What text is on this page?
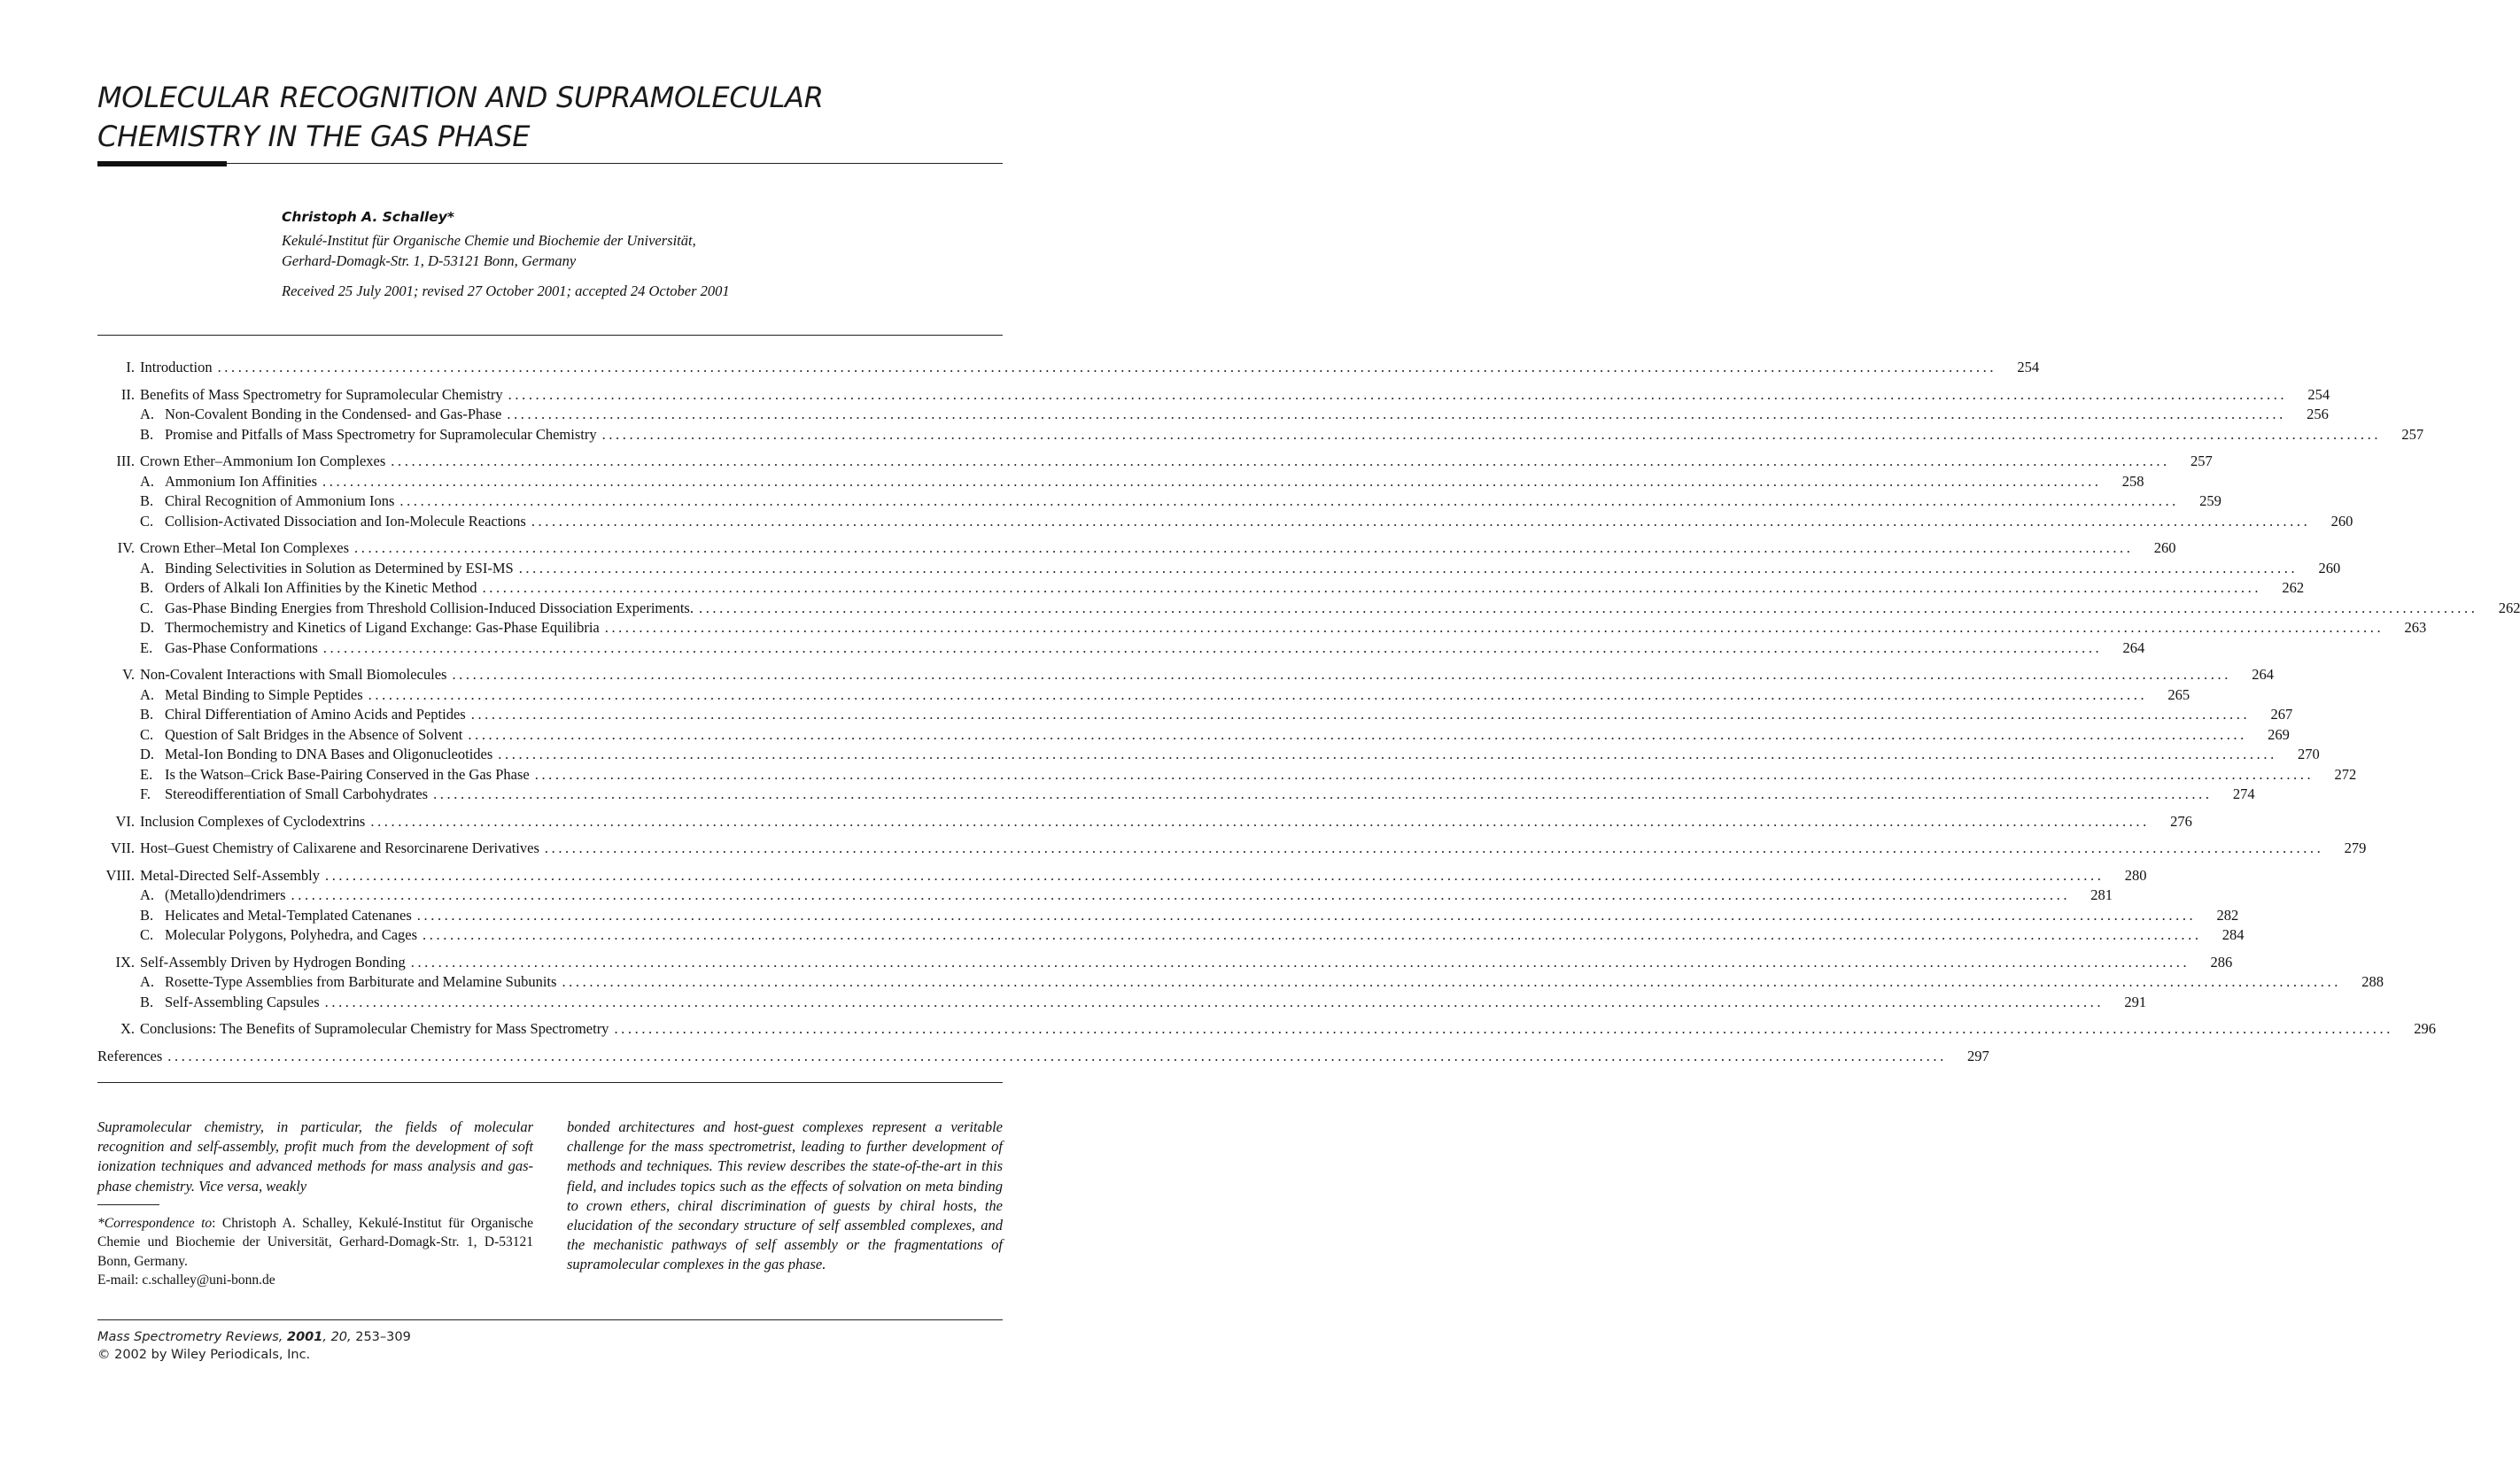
MOLECULAR RECOGNITION AND SUPRAMOLECULAR
CHEMISTRY IN THE GAS PHASE

Christoph A. Schalley*

Kekulé-Institut für Organische Chemie und Biochemie der Universität,
Gerhard-Domagk-Str. 1, D-53121 Bonn, Germany

Received 25 July 2001; revised 27 October 2001; accepted 24 October 2001

I. Introduction ....................................................................................................................................................................................................................................................................	254
II. Benefits of Mass Spectrometry for Supramolecular Chemistry ....................................................................................................................................................................................................................................................................	254
A. Non-Covalent Bonding in the Condensed- and Gas-Phase ....................................................................................................................................................................................................................................................................	256
B. Promise and Pitfalls of Mass Spectrometry for Supramolecular Chemistry ....................................................................................................................................................................................................................................................................	257
III. Crown Ether–Ammonium Ion Complexes ....................................................................................................................................................................................................................................................................	257
A. Ammonium Ion Affinities ....................................................................................................................................................................................................................................................................	258
B. Chiral Recognition of Ammonium Ions ....................................................................................................................................................................................................................................................................	259
C. Collision-Activated Dissociation and Ion-Molecule Reactions ....................................................................................................................................................................................................................................................................	260
IV. Crown Ether–Metal Ion Complexes ....................................................................................................................................................................................................................................................................	260
A. Binding Selectivities in Solution as Determined by ESI-MS ....................................................................................................................................................................................................................................................................	260
B. Orders of Alkali Ion Affinities by the Kinetic Method ....................................................................................................................................................................................................................................................................	262
C. Gas-Phase Binding Energies from Threshold Collision-Induced Dissociation Experiments. ....................................................................................................................................................................................................................................................................	262
D. Thermochemistry and Kinetics of Ligand Exchange: Gas-Phase Equilibria ....................................................................................................................................................................................................................................................................	263
E. Gas-Phase Conformations ....................................................................................................................................................................................................................................................................	264
V. Non-Covalent Interactions with Small Biomolecules ....................................................................................................................................................................................................................................................................	264
A. Metal Binding to Simple Peptides ....................................................................................................................................................................................................................................................................	265
B. Chiral Differentiation of Amino Acids and Peptides ....................................................................................................................................................................................................................................................................	267
C. Question of Salt Bridges in the Absence of Solvent ....................................................................................................................................................................................................................................................................	269
D. Metal-Ion Bonding to DNA Bases and Oligonucleotides ....................................................................................................................................................................................................................................................................	270
E. Is the Watson–Crick Base-Pairing Conserved in the Gas Phase ....................................................................................................................................................................................................................................................................	272
F. Stereodifferentiation of Small Carbohydrates ....................................................................................................................................................................................................................................................................	274
VI. Inclusion Complexes of Cyclodextrins ....................................................................................................................................................................................................................................................................	276
VII. Host–Guest Chemistry of Calixarene and Resorcinarene Derivatives ....................................................................................................................................................................................................................................................................	279
VIII. Metal-Directed Self-Assembly ....................................................................................................................................................................................................................................................................	280
A. (Metallo)dendrimers ....................................................................................................................................................................................................................................................................	281
B. Helicates and Metal-Templated Catenanes ....................................................................................................................................................................................................................................................................	282
C. Molecular Polygons, Polyhedra, and Cages ....................................................................................................................................................................................................................................................................	284
IX. Self-Assembly Driven by Hydrogen Bonding ....................................................................................................................................................................................................................................................................	286
A. Rosette-Type Assemblies from Barbiturate and Melamine Subunits ....................................................................................................................................................................................................................................................................	288
B. Self-Assembling Capsules ....................................................................................................................................................................................................................................................................	291
X. Conclusions: The Benefits of Supramolecular Chemistry for Mass Spectrometry ....................................................................................................................................................................................................................................................................	296
References ....................................................................................................................................................................................................................................................................	297

Supramolecular chemistry, in particular, the fields of molecular recognition and self-assembly, profit much from the development of soft ionization techniques and advanced methods for mass analysis and gas-phase chemistry. Vice versa, weakly

*Correspondence to: Christoph A. Schalley, Kekulé-Institut für Organische Chemie und Biochemie der Universität, Gerhard-Domagk-Str. 1, D-53121 Bonn, Germany.
E-mail: c.schalley@uni-bonn.de

bonded architectures and host-guest complexes represent a veritable challenge for the mass spectrometrist, leading to further development of methods and techniques. This review describes the state-of-the-art in this field, and includes topics such as the effects of solvation on meta binding to crown ethers, chiral discrimination of guests by chiral hosts, the elucidation of the secondary structure of self assembled complexes, and the mechanistic pathways of self assembly or the fragmentations of supramolecular complexes in the gas phase.

Mass Spectrometry Reviews, 2001, 20, 253–309
© 2002 by Wiley Periodicals, Inc.
